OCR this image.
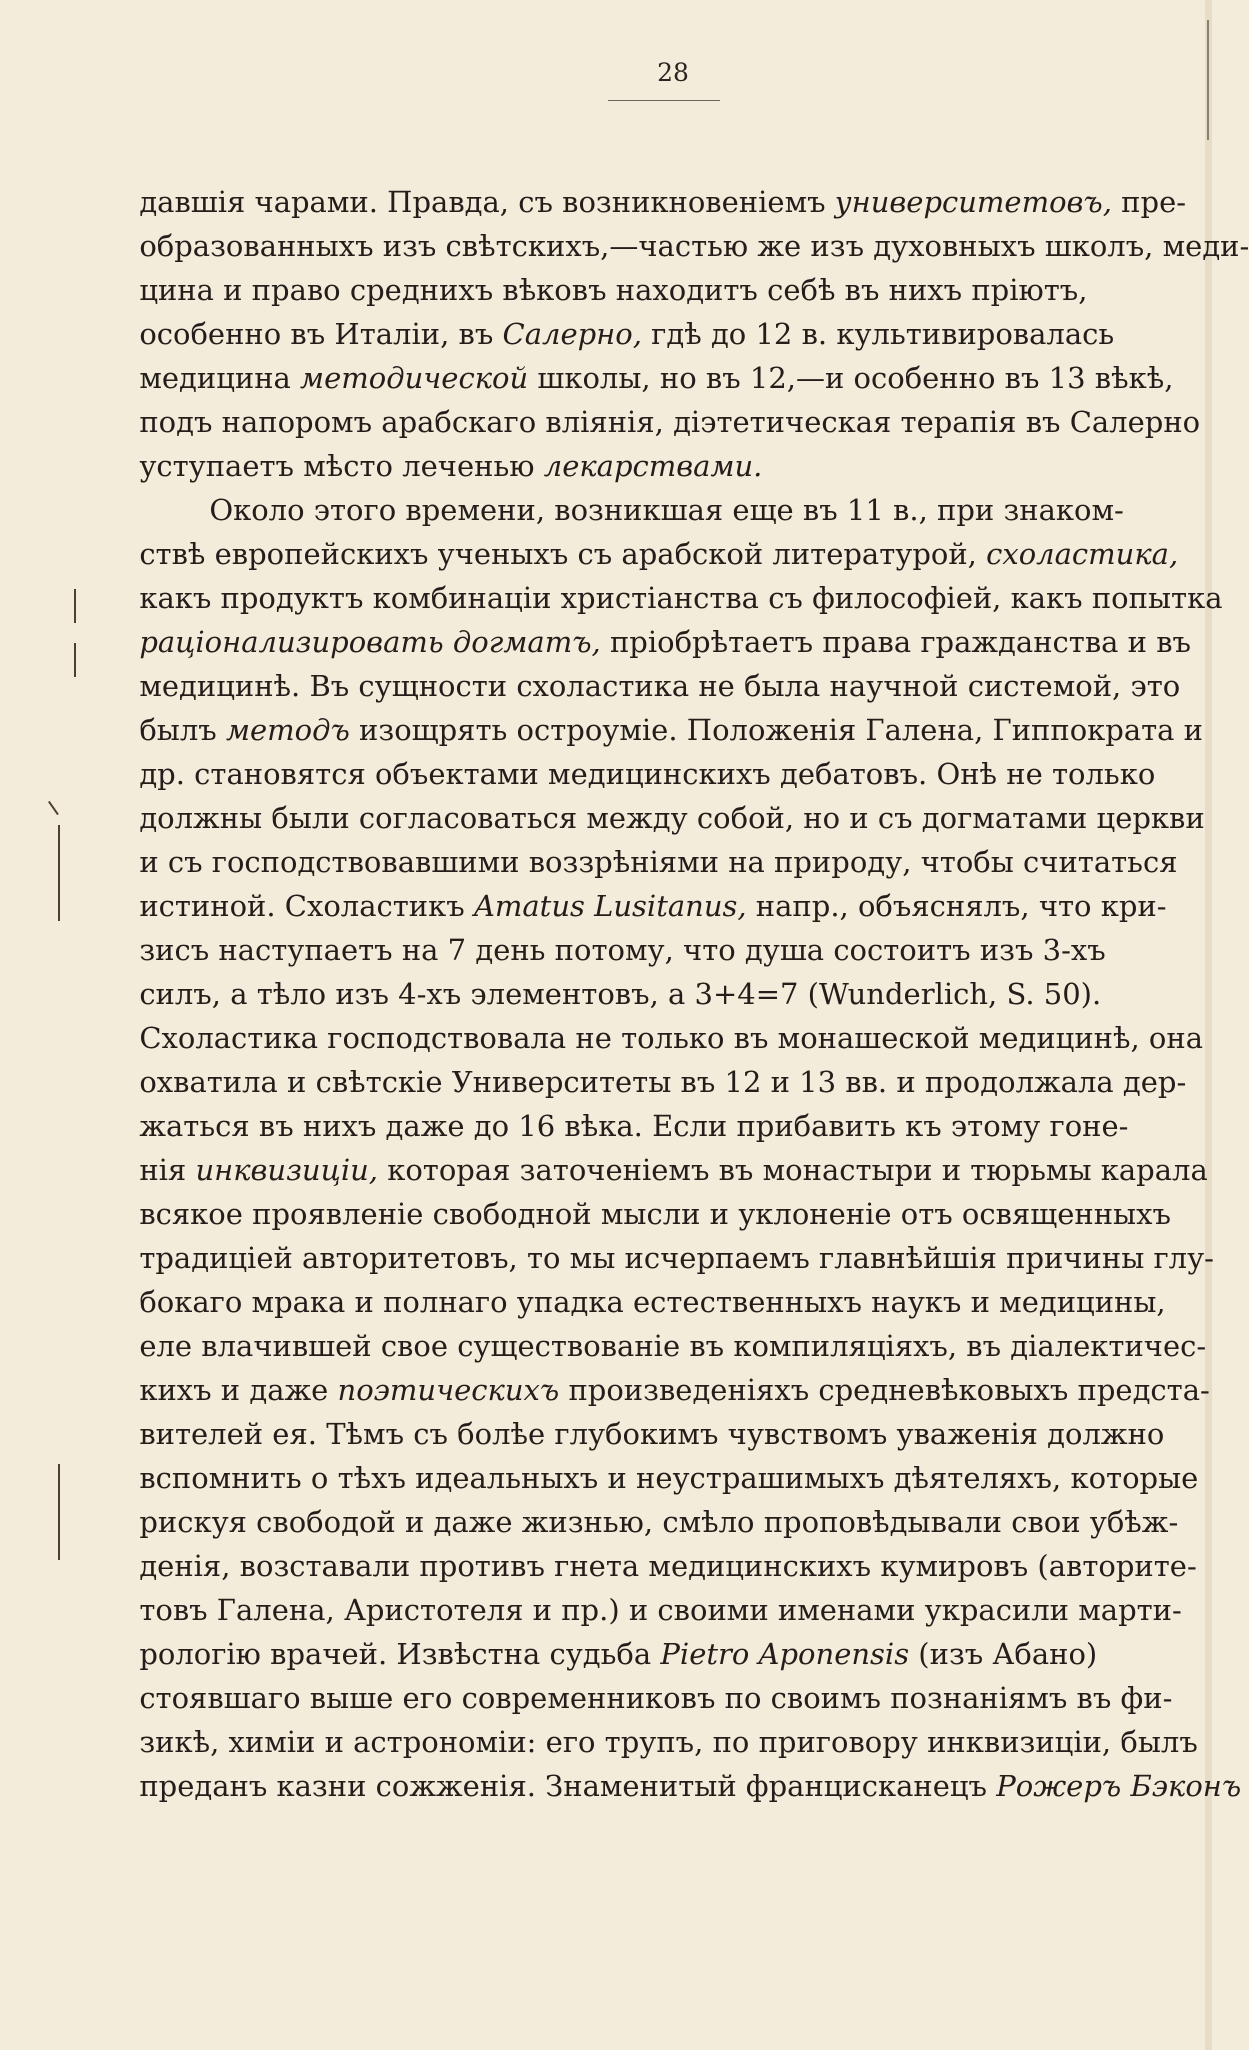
28

давшія чарами. Правда, съ возникновеніемъ университетовъ, пре-

образованныхъ изъ свѣтскихъ,—частью же изъ духовныхъ школъ, меди-

цина и право среднихъ вѣковъ находитъ себѣ въ нихъ пріютъ,

особенно въ Италіи, въ Салерно, гдѣ до 12 в. культивировалась

медицина методической школы, но въ 12,—и особенно въ 13 вѣкѣ,

подъ напоромъ арабскаго вліянія, діэтетическая терапія въ Салерно

уступаетъ мѣсто леченью лекарствами.

Около этого времени, возникшая еще въ 11 в., при знаком-

ствѣ европейскихъ ученыхъ съ арабской литературой, схоластика,

какъ продуктъ комбинаціи христіанства съ философіей, какъ попытка

раціонализировать догматъ, пріобрѣтаетъ права гражданства и въ

медицинѣ. Въ сущности схоластика не была научной системой, это

былъ методъ изощрять остроуміе. Положенія Галена, Гиппократа и

др. становятся объектами медицинскихъ дебатовъ. Онѣ не только

должны были согласоваться между собой, но и съ догматами церкви

и съ господствовавшими воззрѣніями на природу, чтобы считаться

истиной. Схоластикъ Amatus Lusitanus, напр., объяснялъ, что кри-

зисъ наступаетъ на 7 день потому, что душа состоитъ изъ 3-хъ

силъ, а тѣло изъ 4-хъ элементовъ, а 3+4=7 (Wunderlich, S. 50).

Схоластика господствовала не только въ монашеской медицинѣ, она

охватила и свѣтскіе Университеты въ 12 и 13 вв. и продолжала дер-

жаться въ нихъ даже до 16 вѣка. Если прибавить къ этому гоне-

нія инквизиціи, которая заточеніемъ въ монастыри и тюрьмы карала

всякое проявленіе свободной мысли и уклоненіе отъ освященныхъ

традиціей авторитетовъ, то мы исчерпаемъ главнѣйшія причины глу-

бокаго мрака и полнаго упадка естественныхъ наукъ и медицины,

еле влачившей свое существованіе въ компиляціяхъ, въ діалектичес-

кихъ и даже поэтическихъ произведеніяхъ средневѣковыхъ предста-

вителей ея. Тѣмъ съ болѣе глубокимъ чувствомъ уваженія должно

вспомнить о тѣхъ идеальныхъ и неустрашимыхъ дѣятеляхъ, которые

рискуя свободой и даже жизнью, смѣло проповѣдывали свои убѣж-

денія, возставали противъ гнета медицинскихъ кумировъ (авторите-

товъ Галена, Аристотеля и пр.) и своими именами украсили марти-

рологію врачей. Извѣстна судьба Pietro Aponensis (изъ Абано)

стоявшаго выше его современниковъ по своимъ познаніямъ въ фи-

зикѣ, химіи и астрономіи: его трупъ, по приговору инквизиціи, былъ

преданъ казни сожженія. Знаменитый францисканецъ Рожеръ Бэконъ
